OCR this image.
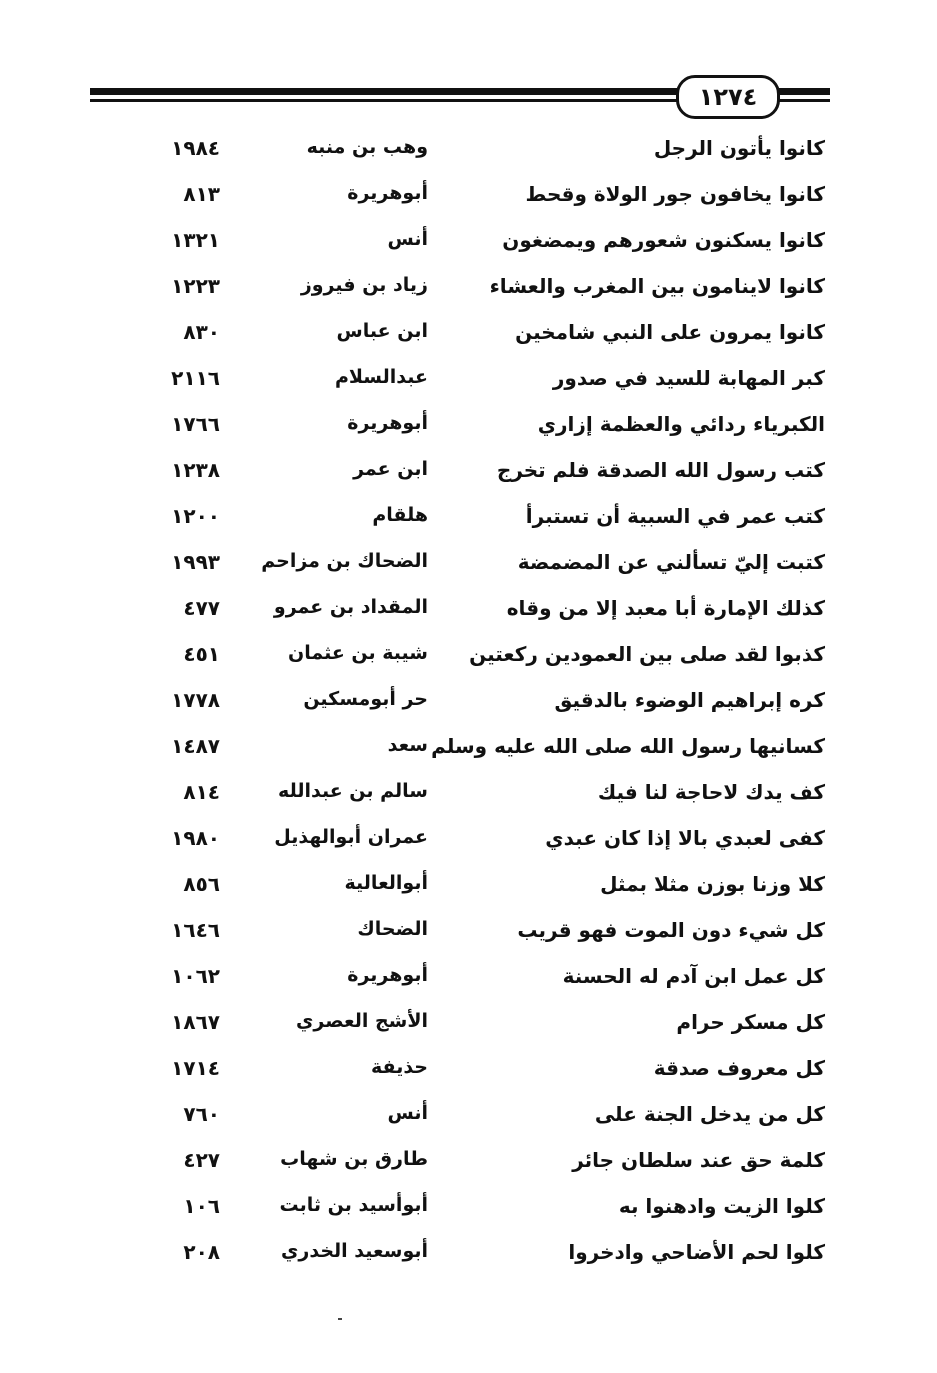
١٢٧٤
كانوا يأتون الرجل
وهب بن منبه
١٩٨٤
كانوا يخافون جور الولاة وقحط
أبوهريرة
٨١٣
كانوا يسكنون شعورهم ويمضغون
أنس
١٣٢١
كانوا لاينامون بين المغرب والعشاء
زياد بن فيروز
١٢٢٣
كانوا يمرون على النبي شامخين
ابن عباس
٨٣٠
كبر المهابة للسيد في صدور
عبدالسلام
٢١١٦
الكبرياء ردائي والعظمة إزاري
أبوهريرة
١٧٦٦
كتب رسول الله الصدقة فلم تخرج
ابن عمر
١٢٣٨
كتب عمر في السبية أن تستبرأ
هلقام
١٢٠٠
كتبت إليّ تسألني عن المضمضة
الضحاك بن مزاحم
١٩٩٣
كذلك الإمارة أبا معبد إلا من وقاه
المقداد بن عمرو
٤٧٧
كذبوا لقد صلى بين العمودين ركعتين
شيبة بن عثمان
٤٥١
كره إبراهيم الوضوء بالدقيق
حر أبومسكين
١٧٧٨
كسانيها رسول الله صلى الله عليه وسلم
سعد
١٤٨٧
كف يدك لاحاجة لنا فيك
سالم بن عبدالله
٨١٤
كفى لعبدي بالا إذا كان عبدي
عمران أبوالهذيل
١٩٨٠
كلا وزنا بوزن مثلا بمثل
أبوالعالية
٨٥٦
كل شيء دون الموت فهو قريب
الضحاك
١٦٤٦
كل عمل ابن آدم له الحسنة
أبوهريرة
١٠٦٢
كل مسكر حرام
الأشج العصري
١٨٦٧
كل معروف صدقة
حذيفة
١٧١٤
كل من يدخل الجنة على
أنس
٧٦٠
كلمة حق عند سلطان جائر
طارق بن شهاب
٤٢٧
كلوا الزيت وادهنوا به
أبوأسيد بن ثابت
١٠٦
كلوا لحم الأضاحي وادخروا
أبوسعيد الخدري
٢٠٨
